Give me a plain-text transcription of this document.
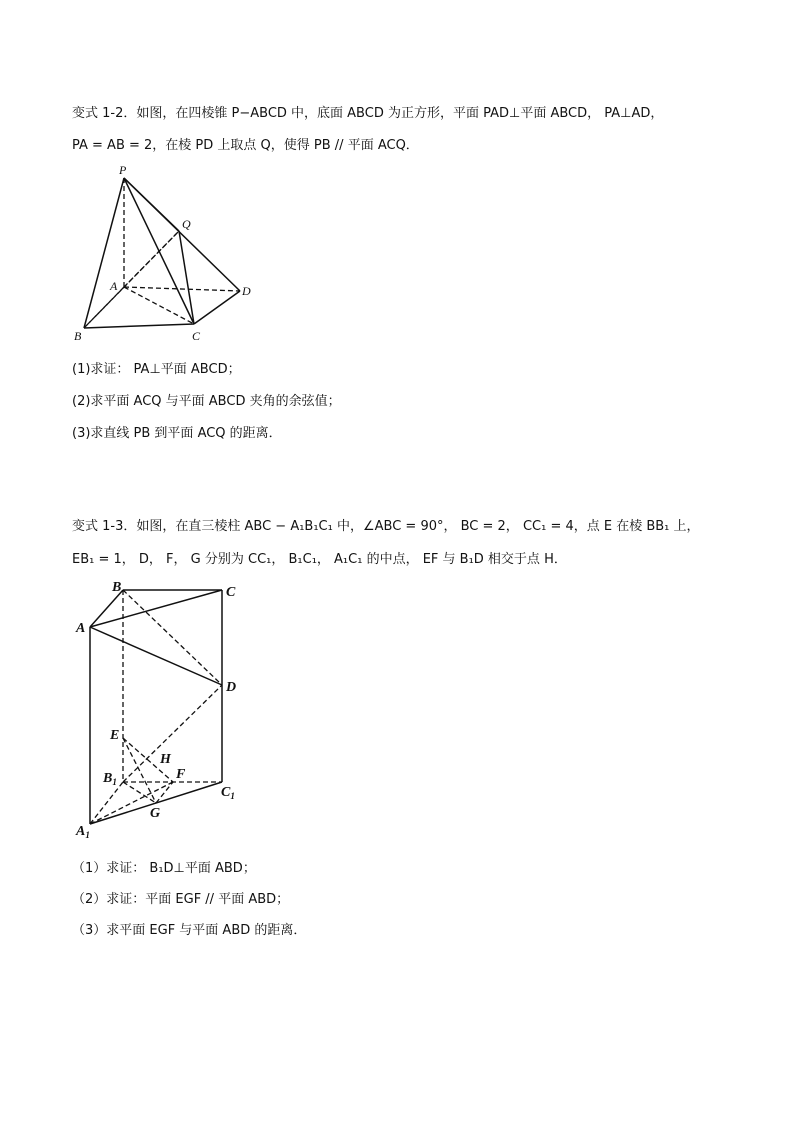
变式 1-2．如图，在四棱锥 P−ABCD 中，底面 ABCD 为正方形，平面 PAD⊥平面 ABCD， PA⊥AD，
PA = AB = 2，在棱 PD 上取点 Q，使得 PB // 平面 ACQ．
P
Q
A	D
B	C
(1)求证： PA⊥平面 ABCD；
(2)求平面 ACQ 与平面 ABCD 夹角的余弦值；
(3)求直线 PB 到平面 ACQ 的距离．
变式 1-3．如图，在直三棱柱 ABC − A₁B₁C₁ 中，∠ABC = 90°， BC = 2， CC₁ = 4，点 E 在棱 BB₁ 上，
EB₁ = 1， D， F， G 分别为 CC₁， B₁C₁， A₁C₁ 的中点， EF 与 B₁D 相交于点 H．
B	C
A
D
E
H
$B_1$	F
$C_1$
G
$A_1$
（1）求证： B₁D⊥平面 ABD；
（2）求证：平面 EGF // 平面 ABD；
（3）求平面 EGF 与平面 ABD 的距离．
